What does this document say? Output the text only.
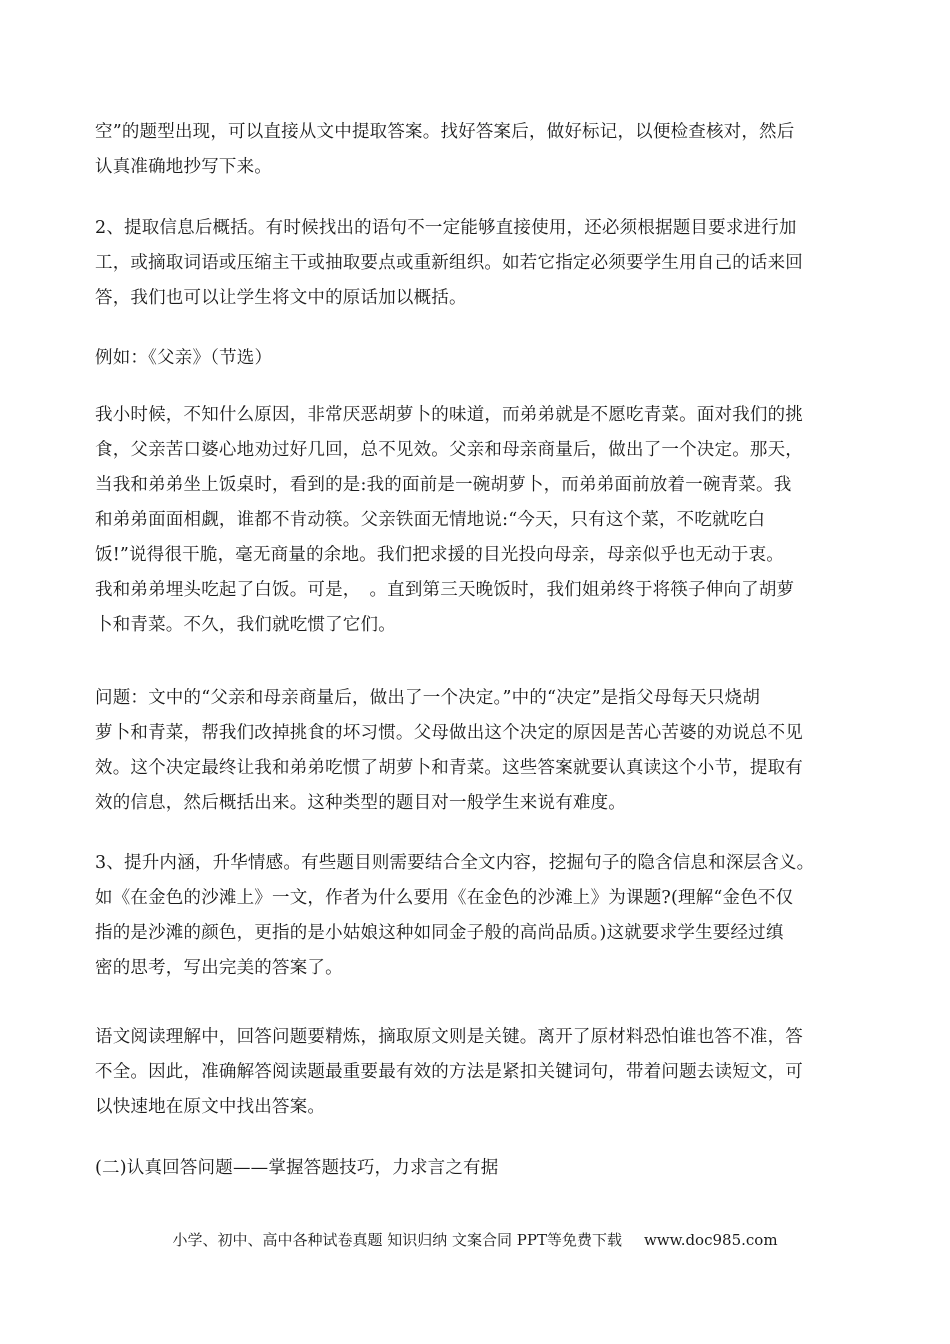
空”的题型出现，可以直接从文中提取答案。找好答案后，做好标记，以便检查核对，然后
认真准确地抄写下来。

2、提取信息后概括。有时候找出的语句不一定能够直接使用，还必须根据题目要求进行加
工，或摘取词语或压缩主干或抽取要点或重新组织。如若它指定必须要学生用自己的话来回
答，我们也可以让学生将文中的原话加以概括。

例如：《父亲》（节选）

我小时候，不知什么原因，非常厌恶胡萝卜的味道，而弟弟就是不愿吃青菜。面对我们的挑
食，父亲苦口婆心地劝过好几回，总不见效。父亲和母亲商量后，做出了一个决定。那天，
当我和弟弟坐上饭桌时，看到的是:我的面前是一碗胡萝卜，而弟弟面前放着一碗青菜。我
和弟弟面面相觑，谁都不肯动筷。父亲铁面无情地说:“今天，只有这个菜，不吃就吃白
饭!”说得很干脆，毫无商量的余地。我们把求援的目光投向母亲，母亲似乎也无动于衷。
我和弟弟埋头吃起了白饭。可是，　。直到第三天晚饭时，我们姐弟终于将筷子伸向了胡萝
卜和青菜。不久，我们就吃惯了它们。

问题：文中的“父亲和母亲商量后，做出了一个决定。”中的“决定”是指父母每天只烧胡
萝卜和青菜，帮我们改掉挑食的坏习惯。父母做出这个决定的原因是苦心苦婆的劝说总不见
效。这个决定最终让我和弟弟吃惯了胡萝卜和青菜。这些答案就要认真读这个小节，提取有
效的信息，然后概括出来。这种类型的题目对一般学生来说有难度。

3、提升内涵，升华情感。有些题目则需要结合全文内容，挖掘句子的隐含信息和深层含义。
如《在金色的沙滩上》一文，作者为什么要用《在金色的沙滩上》为课题?(理解“金色不仅
指的是沙滩的颜色，更指的是小姑娘这种如同金子般的高尚品质。)这就要求学生要经过缜
密的思考，写出完美的答案了。

语文阅读理解中，回答问题要精炼，摘取原文则是关键。离开了原材料恐怕谁也答不准，答
不全。因此，准确解答阅读题最重要最有效的方法是紧扣关键词句，带着问题去读短文，可
以快速地在原文中找出答案。

(二)认真回答问题——掌握答题技巧，力求言之有据

小学、初中、高中各种试卷真题 知识归纳 文案合同 PPT等免费下载 www.doc985.com
